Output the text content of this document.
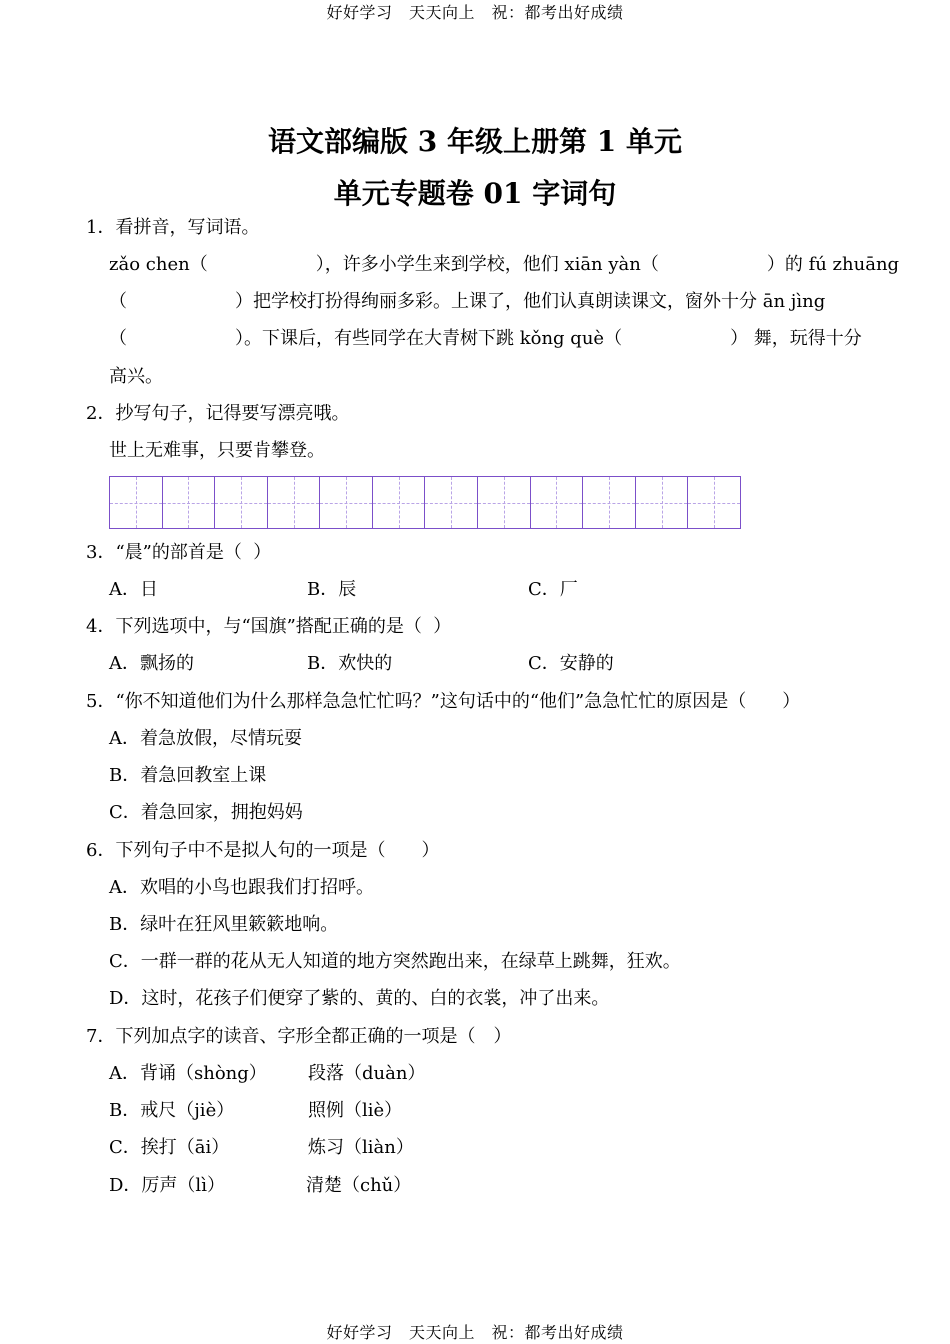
好好学习　天天向上　祝：都考出好成绩
语文部编版 3 年级上册第 1 单元
单元专题卷 01 字词句
1．看拼音，写词语。
zǎo chen（　　　　　　），许多小学生来到学校，他们 xiān yàn（　　　　　　）的 fú zhuāng
（　　　　　　）把学校打扮得绚丽多彩。上课了，他们认真朗读课文，窗外十分 ān jìng
（　　　　　　）。下课后，有些同学在大青树下跳 kǒng què（　　　　　　） 舞，玩得十分
高兴。
2．抄写句子，记得要写漂亮哦。
世上无难事，只要肯攀登。
3．“晨”的部首是（  ）
A．日	B．辰	C．厂
4．下列选项中，与“国旗”搭配正确的是（  ）
A．飘扬的	B．欢快的	C．安静的
5．“你不知道他们为什么那样急急忙忙吗？”这句话中的“他们”急急忙忙的原因是（　　）
A．着急放假，尽情玩耍
B．着急回教室上课
C．着急回家，拥抱妈妈
6．下列句子中不是拟人句的一项是（　　）
A．欢唱的小鸟也跟我们打招呼。
B．绿叶在狂风里簌簌地响。
C．一群一群的花从无人知道的地方突然跑出来，在绿草上跳舞，狂欢。
D．这时，花孩子们便穿了紫的、黄的、白的衣裳，冲了出来。
7．下列加点字的读音、字形全都正确的一项是（　）
A．背诵（shòng） 段落（duàn）
B．戒尺（jiè）	照例（liè）
C．挨打（āi）	炼习（liàn）
D．厉声（lì）	清楚（chǔ）
好好学习　天天向上　祝：都考出好成绩
